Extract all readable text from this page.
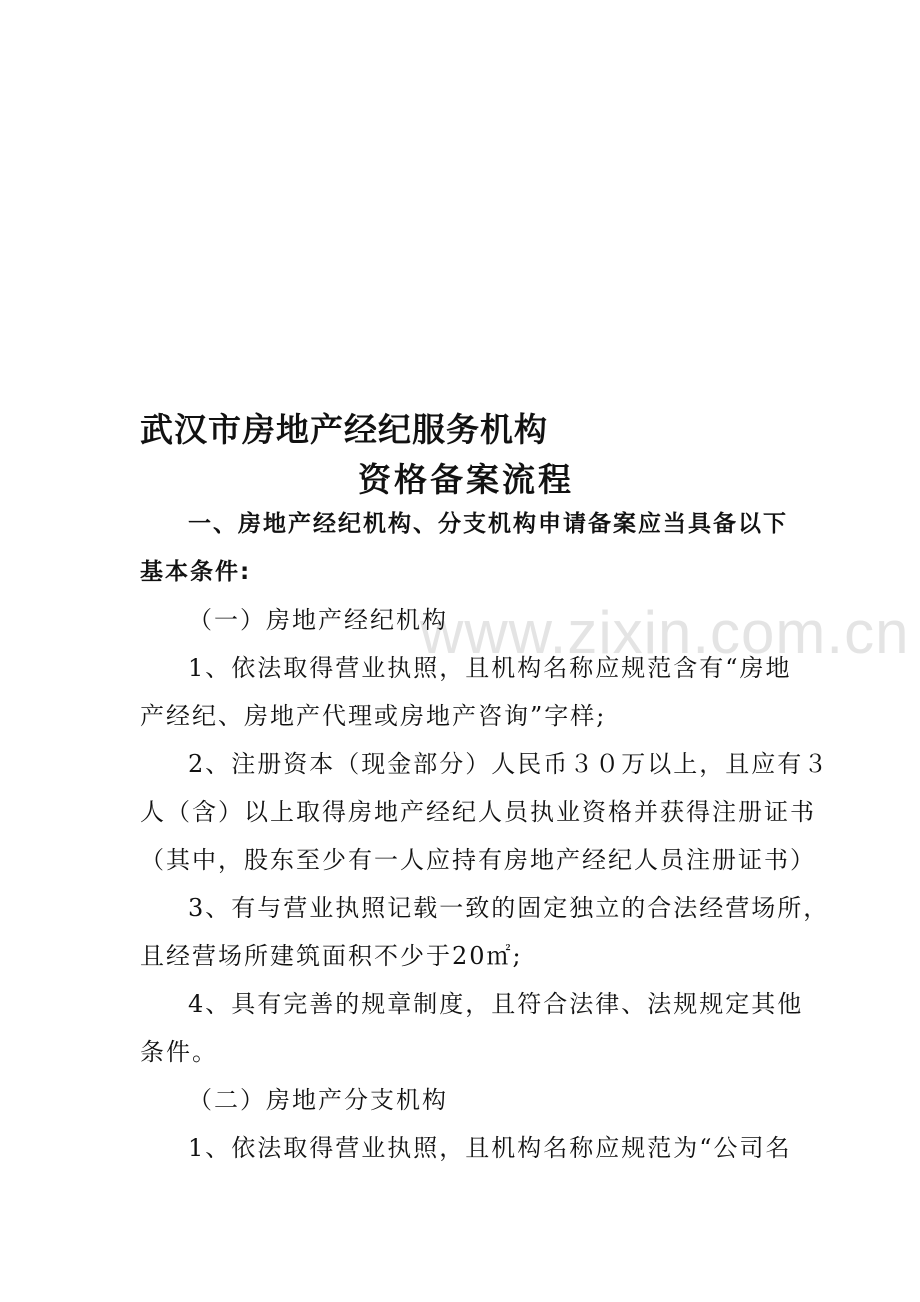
www.zixin.com.cn
武汉市房地产经纪服务机构
资格备案流程
一、房地产经纪机构、分支机构申请备案应当具备以下
基本条件:
（一）房地产经纪机构
1、依法取得营业执照，且机构名称应规范含有“房地
产经纪、房地产代理或房地产咨询”字样;
2、注册资本（现金部分）人民币３０万以上，且应有３
人（含）以上取得房地产经纪人员执业资格并获得注册证书
（其中，股东至少有一人应持有房地产经纪人员注册证书）
3、有与营业执照记载一致的固定独立的合法经营场所，
且经营场所建筑面积不少于20㎡;
4、具有完善的规章制度，且符合法律、法规规定其他
条件。
（二）房地产分支机构
1、依法取得营业执照，且机构名称应规范为“公司名
